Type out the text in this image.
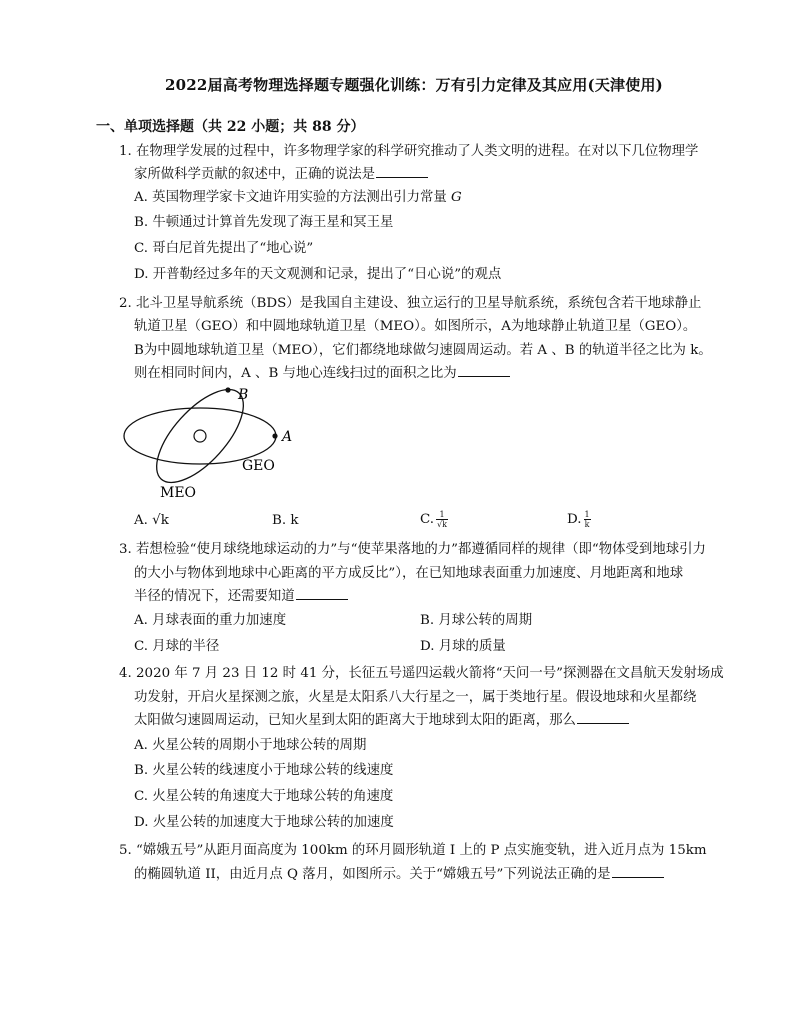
2022届高考物理选择题专题强化训练：万有引力定律及其应用(天津使用)
一、单项选择题（共 22 小题；共 88 分）
1. 在物理学发展的过程中，许多物理学家的科学研究推动了人类文明的进程。在对以下几位物理学
家所做科学贡献的叙述中，正确的说法是
A. 英国物理学家卡文迪许用实验的方法测出引力常量 G
B. 牛顿通过计算首先发现了海王星和冥王星
C. 哥白尼首先提出了“地心说”
D. 开普勒经过多年的天文观测和记录，提出了“日心说”的观点
2. 北斗卫星导航系统（BDS）是我国自主建设、独立运行的卫星导航系统，系统包含若干地球静止
轨道卫星（GEO）和中圆地球轨道卫星（MEO）。如图所示，A为地球静止轨道卫星（GEO）。
B为中圆地球轨道卫星（MEO），它们都绕地球做匀速圆周运动。若 A 、B 的轨道半径之比为 k。
则在相同时间内，A 、B 与地心连线扫过的面积之比为
B
A
GEO
MEO
A. √k	B. k	C. $\frac{1}{√k}$	D. $\frac{1}{k}$
3. 若想检验“使月球绕地球运动的力”与“使苹果落地的力”都遵循同样的规律（即“物体受到地球引力
的大小与物体到地球中心距离的平方成反比”），在已知地球表面重力加速度、月地距离和地球
半径的情况下，还需要知道
A. 月球表面的重力加速度	B. 月球公转的周期
C. 月球的半径	D. 月球的质量
4. 2020 年 7 月 23 日 12 时 41 分，长征五号遥四运载火箭将“天问一号”探测器在文昌航天发射场成
功发射，开启火星探测之旅，火星是太阳系八大行星之一，属于类地行星。假设地球和火星都绕
太阳做匀速圆周运动，已知火星到太阳的距离大于地球到太阳的距离，那么
A. 火星公转的周期小于地球公转的周期
B. 火星公转的线速度小于地球公转的线速度
C. 火星公转的角速度大于地球公转的角速度
D. 火星公转的加速度大于地球公转的加速度
5. “嫦娥五号”从距月面高度为 100km 的环月圆形轨道 I 上的 P 点实施变轨，进入近月点为 15km
的椭圆轨道 II，由近月点 Q 落月，如图所示。关于“嫦娥五号”下列说法正确的是
